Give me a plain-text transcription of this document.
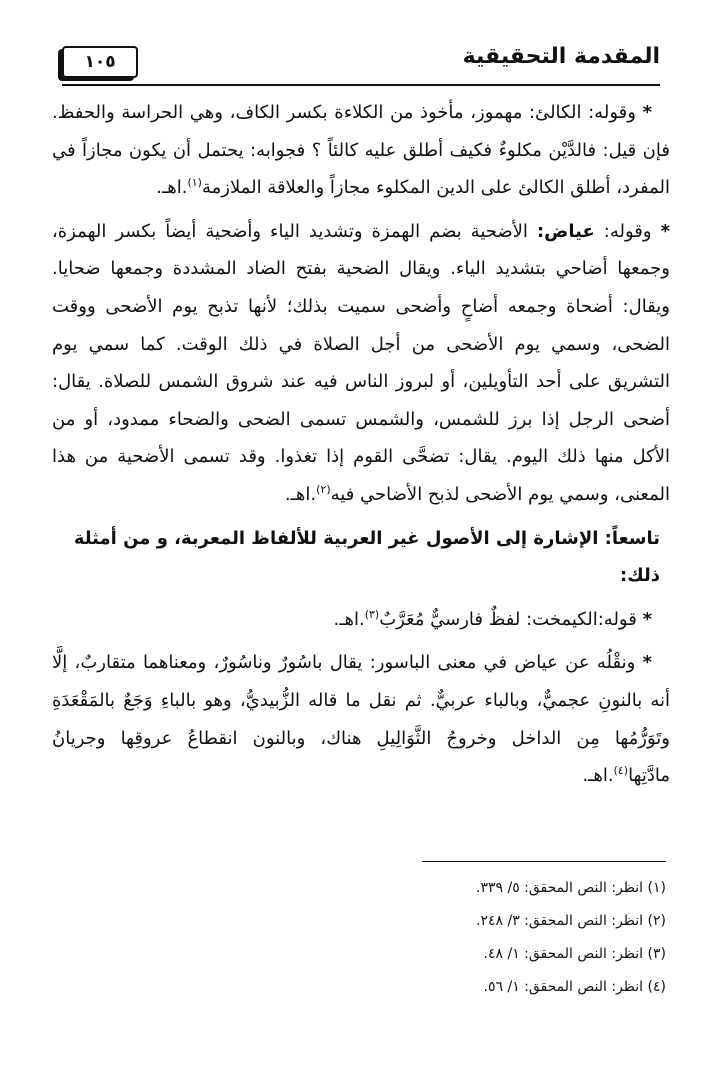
المقدمة التحقيقية
١٠٥

* وقوله: الكالئ: مهموز، مأخوذ من الكلاءة بكسر الكاف، وهي الحراسة والحفظ. فإن قيل: فالدَّيْن مكلوءٌ فكيف أطلق عليه كالئاً ؟ فجوابه: يحتمل أن يكون مجازاً في المفرد، أطلق الكالئ على الدين المكلوء مجازاً والعلاقة الملازمة$^{(١)}$.اهـ.

* وقوله: عياض: الأضحية بضم الهمزة وتشديد الياء وأضحية أيضاً بكسر الهمزة، وجمعها أضاحي بتشديد الياء. ويقال الضحية بفتح الضاد المشددة وجمعها ضحايا. ويقال: أضحاة وجمعه أضاحٍ وأضحى سميت بذلك؛ لأنها تذبح يوم الأضحى ووقت الضحى، وسمي يوم الأضحى من أجل الصلاة في ذلك الوقت. كما سمي يوم التشريق على أحد التأويلين، أو لبروز الناس فيه عند شروق الشمس للصلاة. يقال: أضحى الرجل إذا برز للشمس، والشمس تسمى الضحى والضحاء ممدود، أو من الأكل منها ذلك اليوم. يقال: تضحَّى القوم إذا تغذوا. وقد تسمى الأضحية من هذا المعنى، وسمي يوم الأضحى لذبح الأضاحي فيه$^{(٢)}$.اهـ.

تاسعاً: الإشارة إلى الأصول غير العربية للألفاظ المعربة، و من أمثلة ذلك:

* قوله:الكيمخت: لفظٌ فارسيٌّ مُعَرَّبٌ$^{(٣)}$.اهـ.

* ونقْلُه عن عياض في معنى الباسور: يقال باسُورٌ وناسُورٌ، ومعناهما متقاربٌ، إلَّا أنه بالنونِ عجميٌّ، وبالباء عربيٌّ. ثم نقل ما قاله الزُّبيديُّ، وهو بالباءِ وَجَعٌ بالمَقْعَدَةِ وتَوَرُّمُها مِن الداخل وخروجُ الثَّوَالِيلِ هناك، وبالنون انقطاعُ عروقِها وجريانُ مادَّتِها$^{(٤)}$.اهـ.

(١) انظر: النص المحقق: ٥/ ٣٣٩.
(٢) انظر: النص المحقق: ٣/ ٢٤٨.
(٣) انظر: النص المحقق: ١/ ٤٨.
(٤) انظر: النص المحقق: ١/ ٥٦.
